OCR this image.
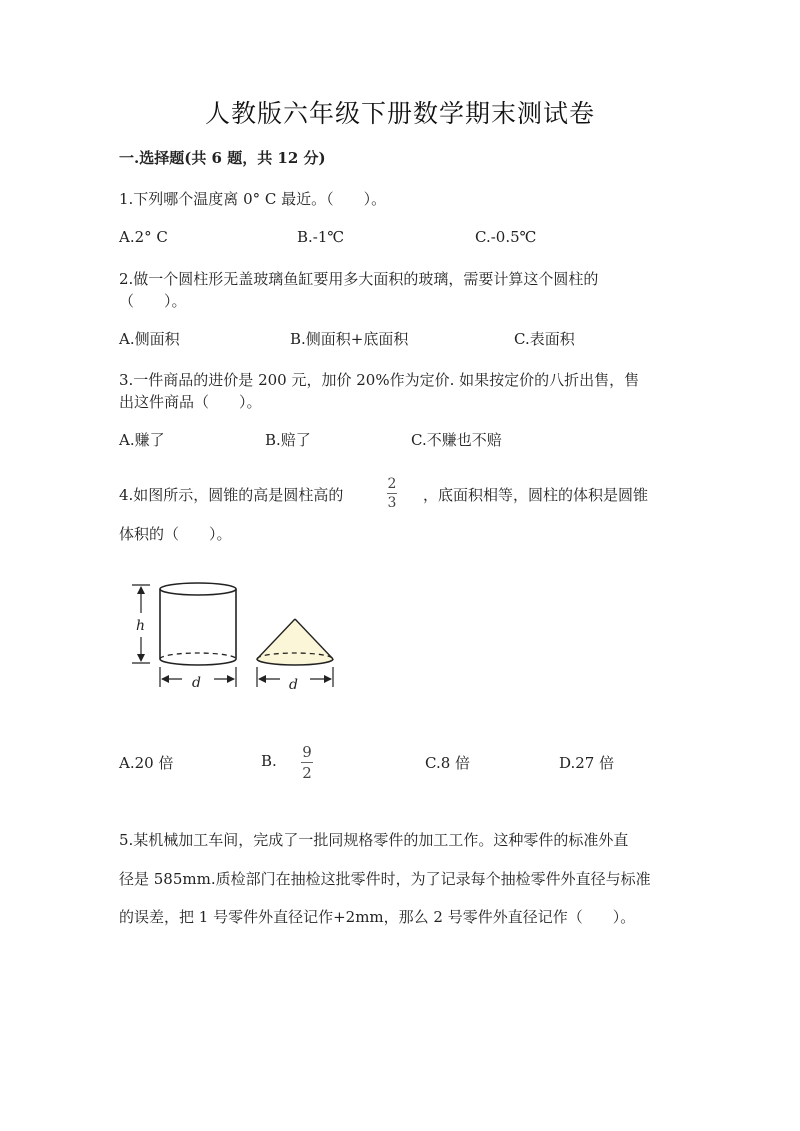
人教版六年级下册数学期末测试卷
一.选择题(共 6 题，共 12 分)
1.下列哪个温度离 0° C 最近。（　　）。
A.2° C	B.-1℃	C.-0.5℃
2.做一个圆柱形无盖玻璃鱼缸要用多大面积的玻璃，需要计算这个圆柱的
（　　）。
A.侧面积	B.侧面积+底面积	C.表面积
3.一件商品的进价是 200 元，加价 20%作为定价. 如果按定价的八折出售，售
出这件商品（　　）。
A.赚了	B.赔了	C.不赚也不赔
4.如图所示，圆锥的高是圆柱高的
2
3 ，底面积相等，圆柱的体积是圆锥
体积的（　　）。
h
d	d
A.20 倍	B. 9
2
C.8 倍	D.27 倍
5.某机械加工车间，完成了一批同规格零件的加工工作。这种零件的标准外直
径是 585mm.质检部门在抽检这批零件时，为了记录每个抽检零件外直径与标准
的误差，把 1 号零件外直径记作+2mm，那么 2 号零件外直径记作（　　）。
